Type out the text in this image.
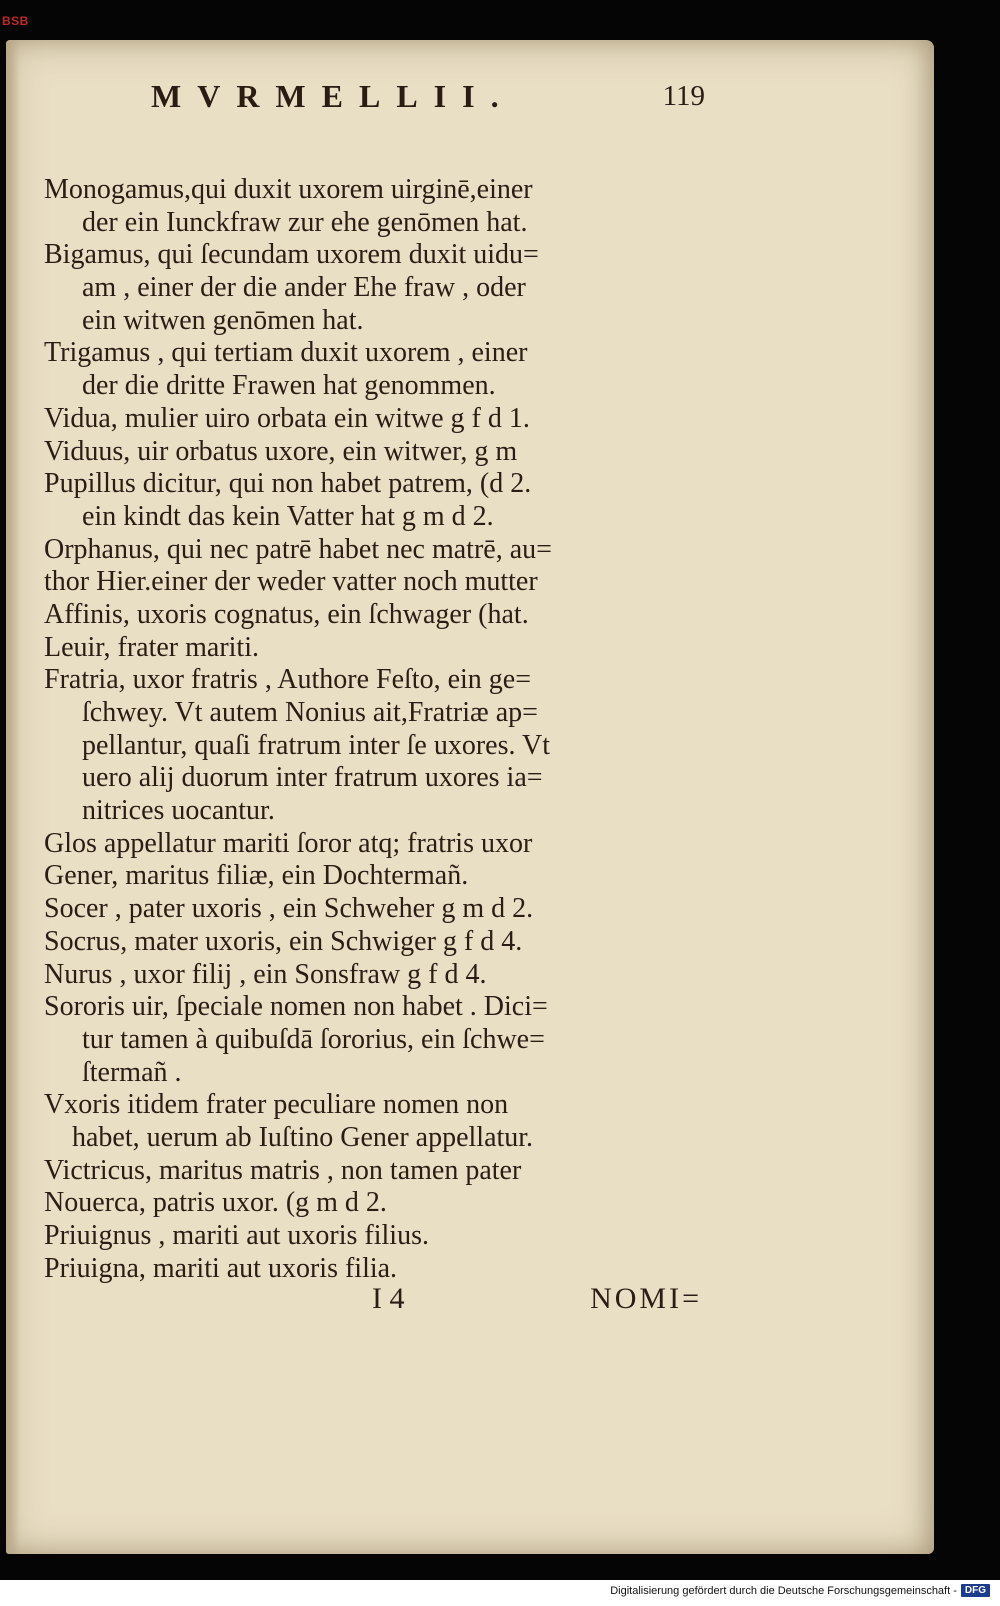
BSB
MVRMELLII.	119
Monogamus,qui duxit uxorem uirginē,einer
der ein Iunckfraw zur ehe genōmen hat.
Bigamus, qui ſecundam uxorem duxit uidu=
am , einer der die ander Ehe fraw , oder
ein witwen genōmen hat.
Trigamus , qui tertiam duxit uxorem , einer
der die dritte Frawen hat genommen.
Vidua, mulier uiro orbata ein witwe g f d 1.
Viduus, uir orbatus uxore, ein witwer, g m
Pupillus dicitur, qui non habet patrem, (d 2.
ein kindt das kein Vatter hat g m d 2.
Orphanus, qui nec patrē habet nec matrē, au=
thor Hier.einer der weder vatter noch mutter
Affinis, uxoris cognatus, ein ſchwager (hat.
Leuir, frater mariti.
Fratria, uxor fratris , Authore Feſto, ein ge=
ſchwey. Vt autem Nonius ait,Fratriæ ap=
pellantur, quaſi fratrum inter ſe uxores. Vt
uero alij duorum inter fratrum uxores ia=
nitrices uocantur.
Glos appellatur mariti ſoror atq; fratris uxor
Gener, maritus filiæ, ein Dochtermañ.
Socer , pater uxoris , ein Schweher g m d 2.
Socrus, mater uxoris, ein Schwiger g f d 4.
Nurus , uxor filij , ein Sonsfraw g f d 4.
Sororis uir, ſpeciale nomen non habet . Dici=
tur tamen à quibuſdā ſororius, ein ſchwe=
ſtermañ .
Vxoris itidem frater peculiare nomen non
habet, uerum ab Iuſtino Gener appellatur.
Victricus, maritus matris , non tamen pater
Nouerca, patris uxor. (g m d 2.
Priuignus , mariti aut uxoris filius.
Priuigna, mariti aut uxoris filia.
I 4	NOMI=
Digitalisierung gefördert durch die Deutsche Forschungsgemeinschaft - DFG
